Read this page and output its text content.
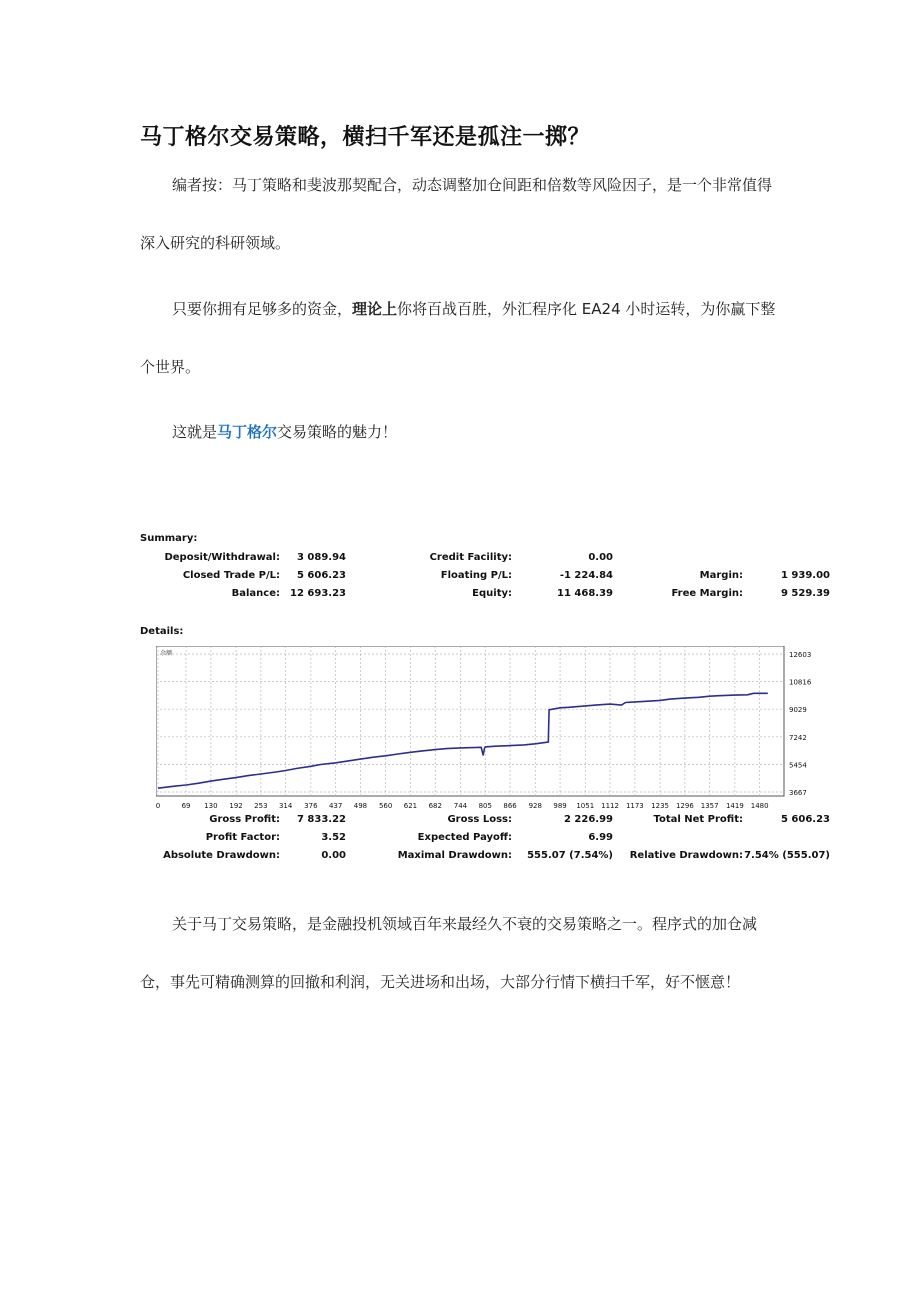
马丁格尔交易策略，横扫千军还是孤注一掷？
编者按：马丁策略和斐波那契配合，动态调整加仓间距和倍数等风险因子，是一个非常值得深入研究的科研领域。
只要你拥有足够多的资金，理论上你将百战百胜，外汇程序化 EA24 小时运转，为你赢下整个世界。
这就是马丁格尔交易策略的魅力！
Summary:
Deposit/Withdrawal:	3 089.94	Credit Facility:	0.00
Closed Trade P/L:	5 606.23	Floating P/L:	-1 224.84	Margin:	1 939.00
Balance: 12 693.23	Equity:	11 468.39	Free Margin:	9 529.39
Details:
余额	12603
10816
9029
7242
5454
3667
0	69 130 192 253 314 376 437 498 560 621 682 744 805 866 928 989 1051 1112 1173 1235 1296 1357 1419 1480
Gross Profit:	7 833.22	Gross Loss:	2 226.99	Total Net Profit:	5 606.23
Profit Factor:	3.52	Expected Payoff:	6.99
Absolute Drawdown:	0.00	Maximal Drawdown:	555.07 (7.54%)	Relative Drawdown: 7.54% (555.07)
关于马丁交易策略，是金融投机领域百年来最经久不衰的交易策略之一。程序式的加仓减仓，事先可精确测算的回撤和利润，无关进场和出场，大部分行情下横扫千军，好不惬意！
